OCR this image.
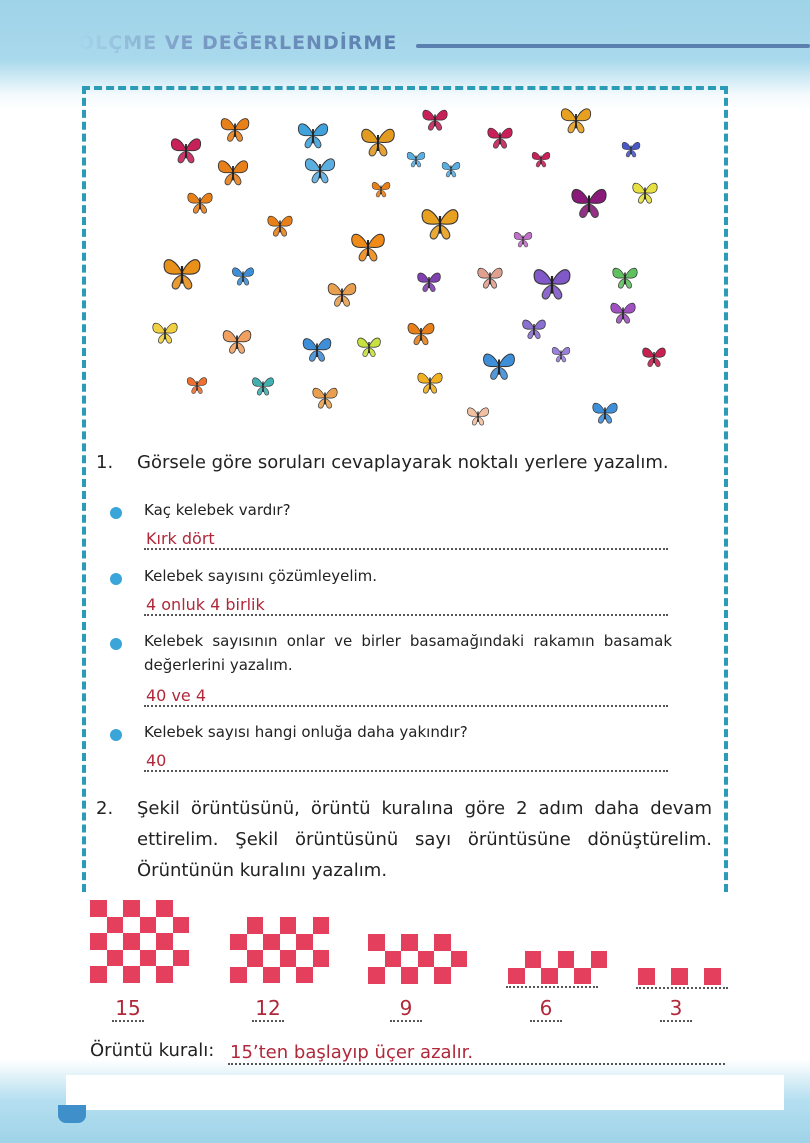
ÖLÇME VE DEĞERLENDİRME
1. Görsele göre soruları cevaplayarak noktalı yerlere yazalım.
Kaç kelebek vardır?
Kırk dört
Kelebek sayısını çözümleyelim.
4 onluk 4 birlik
Kelebek sayısının onlar ve birler basamağındaki rakamın basamak değerlerini yazalım.
40 ve 4
Kelebek sayısı hangi onluğa daha yakındır?
40
2. Şekil örüntüsünü, örüntü kuralına göre 2 adım daha devam ettirelim. Şekil örüntüsünü sayı örüntüsüne dönüştürelim. Örüntünün kuralını yazalım.
15	12	9	6	3
Örüntü kuralı: 15’ten başlayıp üçer azalır.
